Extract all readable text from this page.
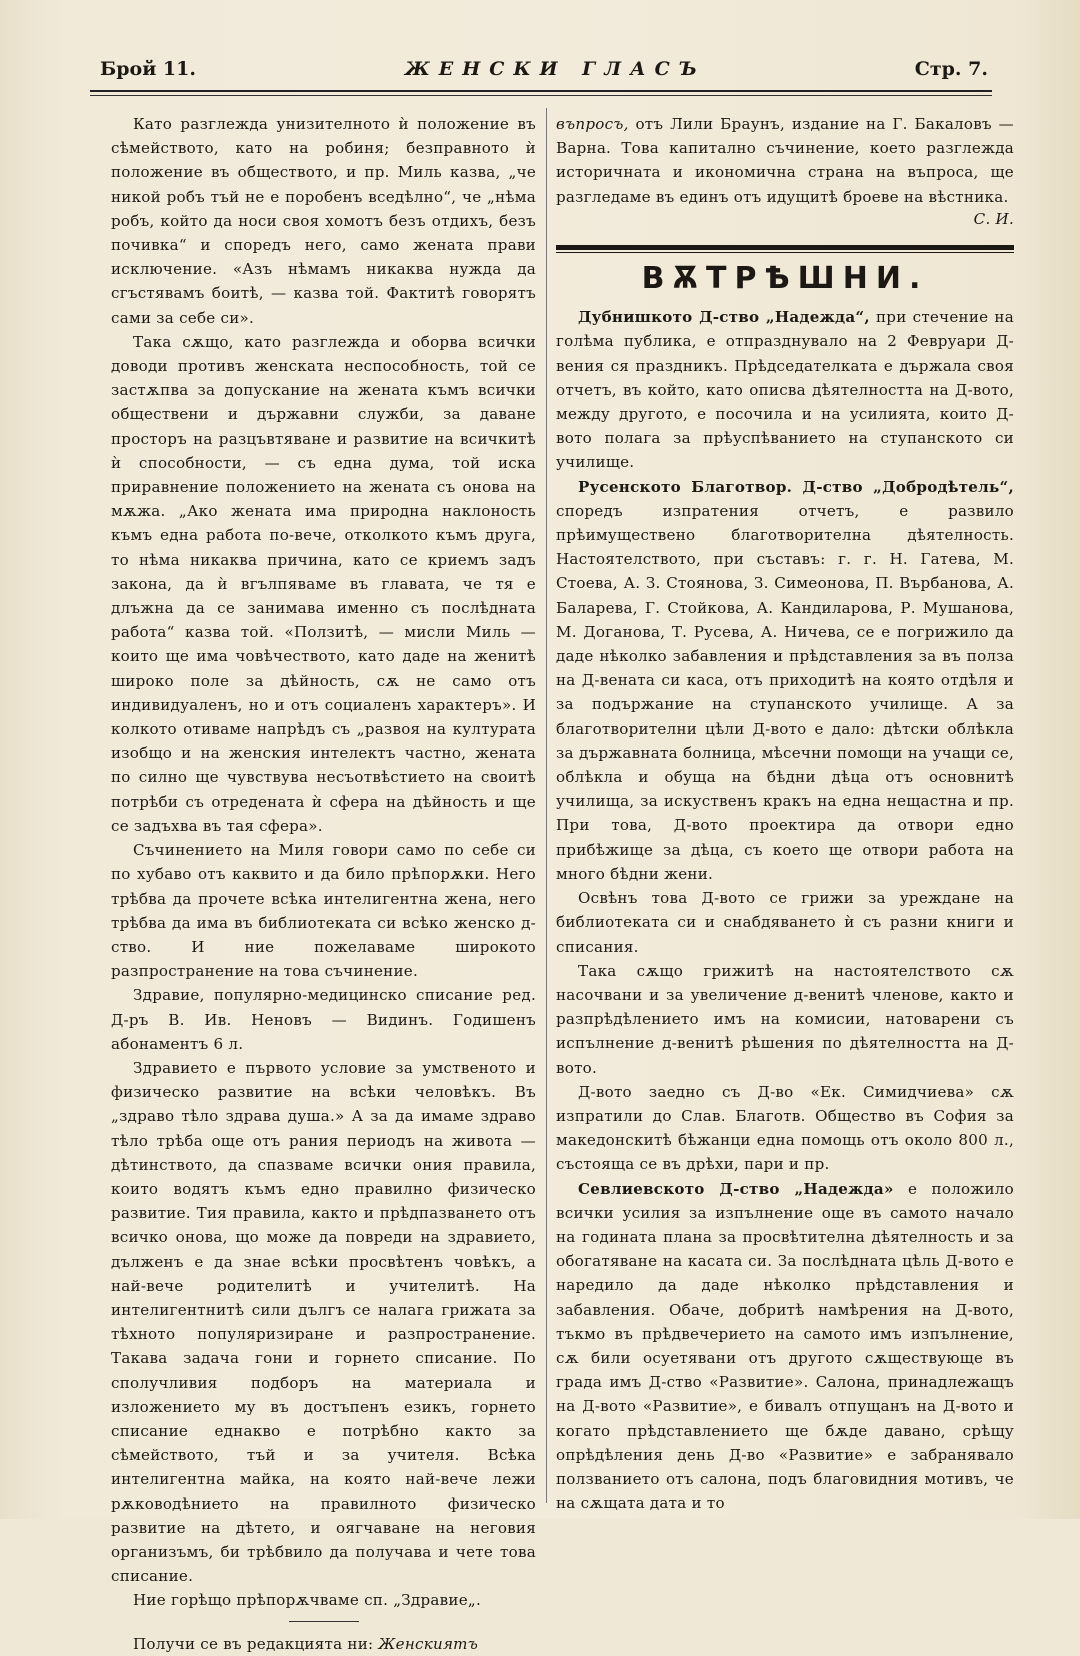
Брой 11.	ЖЕНСКИ ГЛАСЪ	Стр. 7.

Като разглежда унизителното ѝ положение въ сѣмейството, като на робиня; безправното ѝ положение въ обществото, и пр. Миль казва, „че никой робъ тъй не е поробенъ вседѣлно“, че „нѣма робъ, който да носи своя хомотъ безъ отдихъ, безъ почивка“ и споредъ него, само жената прави исключение. «Азъ нѣмамъ никаква нужда да сгъстявамъ боитѣ, — казва той. Фактитѣ говорятъ сами за себе си».

Така сѫщо, като разглежда и оборва всички доводи противъ женската неспособность, той се застѫпва за допускание на жената къмъ всички обществени и държавни служби, за даване просторъ на разцъвтяване и развитие на всичкитѣ ѝ способности, — съ една дума, той иска приравнение положението на жената съ онова на мѫжа. „Ако жената има природна наклоность къмъ една работа по-вече, отколкото къмъ друга, то нѣма никаква причина, като се криемъ задъ закона, да ѝ вгълпяваме въ главата, че тя е длъжна да се занимава именно съ послѣдната работа“ казва той. «Ползитѣ, — мисли Миль — които ще има човѣчеството, като даде на женитѣ широко поле за дѣйность, сѫ не само отъ индивидуаленъ, но и отъ социаленъ характеръ». И колкото отиваме напрѣдъ съ „развоя на културата изобщо и на женския интелектъ частно, жената по силно ще чувствува несъотвѣстието на своитѣ потрѣби съ отредената ѝ сфера на дѣйность и ще се задъхва въ тая сфера».

Съчинението на Миля говори само по себе си по хубаво отъ каквито и да било прѣпорѫки. Него трѣбва да прочете всѣка интелигентна жена, него трѣбва да има въ библиотеката си всѣко женско д-ство. И ние пожелаваме широкото разпространение на това съчинение.

Здравие, популярно-медицинско списание ред. Д-ръ В. Ив. Неновъ — Видинъ. Годишенъ абонаментъ 6 л.

Здравието е първото условие за умственото и физическо развитие на всѣки человѣкъ. Въ „здраво тѣло здрава душа.» А за да имаме здраво тѣло трѣба още отъ рания периодъ на живота — дѣтинството, да спазваме всички ония правила, които водятъ къмъ едно правилно физическо развитие. Тия правила, както и прѣдпазването отъ всичко онова, що може да повреди на здравието, дълженъ е да знае всѣки просвѣтенъ човѣкъ, а най-вече родителитѣ и учителитѣ. На интелигентнитѣ сили дългъ се налага грижата за тѣхното популяризиране и разпространение. Такава задача гони и горнето списание. По сполучливия подборъ на материала и изложението му въ достъпенъ езикъ, горнето списание еднакво е потрѣбно както за сѣмейството, тъй и за учителя. Всѣка интелигентна майка, на която най-вече лежи рѫководѣнието на правилното физическо развитие на дѣтето, и оягчаване на неговия организъмъ, би трѣбвило да получава и чете това списание.

Ние горѣщо прѣпорѫчваме сп. „Здравие„.

Получи се въ редакцията ни: Женскиятъ

въпросъ, отъ Лили Браунъ, издание на Г. Бакаловъ — Варна. Това капитално съчинение, което разглежда историчната и икономична страна на въпроса, ще разгледаме въ единъ отъ идущитѣ броеве на вѣстника.

С. И.
ВѪТРѢШНИ.

Дубнишкото Д-ство „Надежда“, при стечение на голѣма публика, е отпразднувало на 2 Февруари Д-вения ся праздникъ. Прѣдседателката е държала своя отчетъ, въ който, като описва дѣятелността на Д-вото, между другото, е посочила и на усилията, които Д-вото полага за прѣуспѣванието на ступанското си училище.

Русенското Благотвор. Д-ство „Добродѣтель“, споредъ изпратения отчетъ, е развило прѣимуществено благотворителна дѣятелность. Настоятелството, при съставъ: г. г. Н. Гатева, М. Стоева, А. З. Стоянова, З. Симеонова, П. Върбанова, А. Баларева, Г. Стойкова, А. Кандиларова, Р. Мушанова, М. Доганова, Т. Русева, А. Ничева, се е погрижило да даде нѣколко забавления и прѣдставления за въ полза на Д-вената си каса, отъ приходитѣ на която отдѣля и за подържание на ступанското училище. А за благотворителни цѣли Д-вото е дало: дѣтски облѣкла за държавната болница, мѣсечни помощи на учащи се, облѣкла и обуща на бѣдни дѣца отъ основнитѣ училища, за искуственъ кракъ на една нещастна и пр. При това, Д-вото проектира да отвори едно прибѣжище за дѣца, съ което ще отвори работа на много бѣдни жени.

Освѣнъ това Д-вото се грижи за уреждане на библиотеката си и снабдяването ѝ съ разни книги и списания.

Така сѫщо грижитѣ на настоятелството сѫ насочвани и за увеличение д-венитѣ членове, както и разпрѣдѣлението имъ на комисии, натоварени съ испълнение д-венитѣ рѣшения по дѣятелността на Д-вото.

Д-вото заедно съ Д-во «Ек. Симидчиева» сѫ изпратили до Слав. Благотв. Общество въ София за македонскитѣ бѣжанци една помощь отъ около 800 л., състояща се въ дрѣхи, пари и пр.

Севлиевското Д-ство „Надежда» е положило всички усилия за изпълнение още въ самото начало на годината плана за просвѣтителна дѣятелность и за обогатяване на касата си. За послѣдната цѣль Д-вото е наредило да даде нѣколко прѣдставления и забавления. Обаче, добритѣ намѣрения на Д-вото, тъкмо въ прѣдвечерието на самото имъ изпълнение, сѫ били осуетявани отъ другото сѫществующе въ града имъ Д-ство «Развитие». Салона, принадлежащъ на Д-вото «Развитие», е бивалъ отпущанъ на Д-вото и когато прѣдставлението ще бѫде давано, срѣщу опрѣдѣления день Д-во «Развитие» е забранявало ползванието отъ салона, подъ благовидния мотивъ, че на сѫщата дата и то
